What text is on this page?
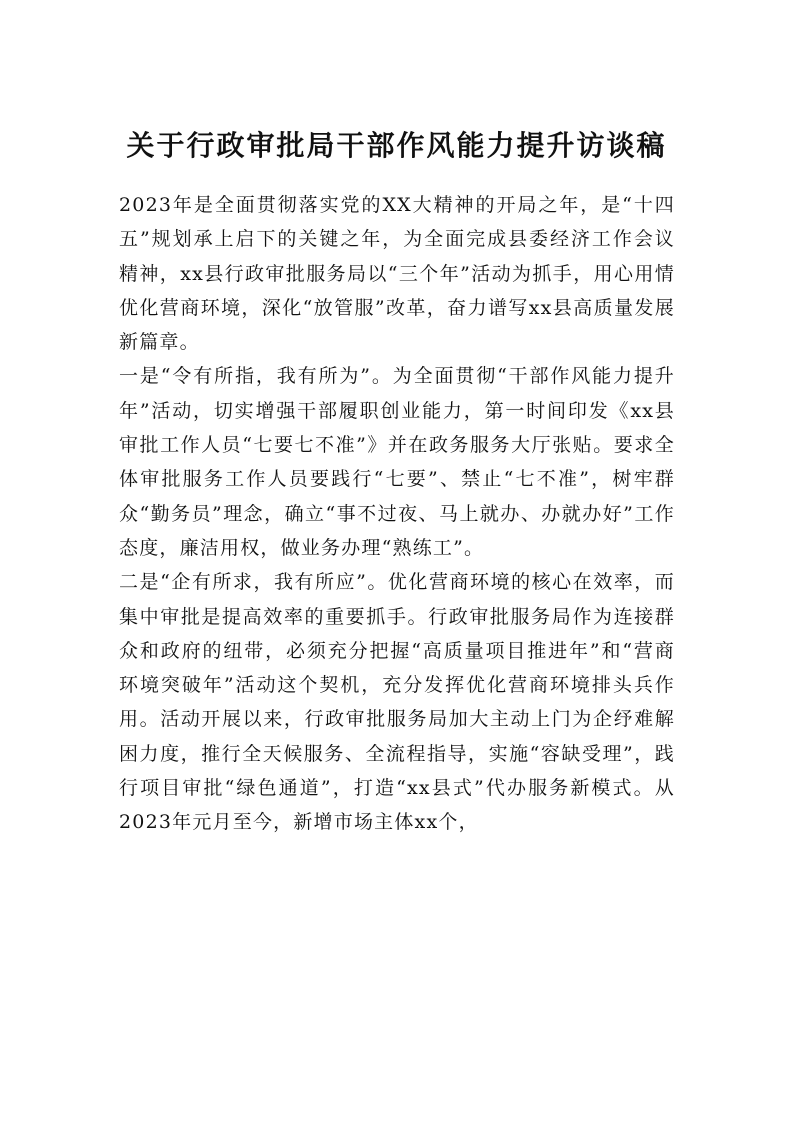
关于行政审批局干部作风能力提升访谈稿

2023年是全面贯彻落实党的XX大精神的开局之年，是“十四五”规划承上启下的关键之年，为全面完成县委经济工作会议精神，xx县行政审批服务局以“三个年”活动为抓手，用心用情优化营商环境，深化“放管服”改革，奋力谱写xx县高质量发展新篇章。

一是“令有所指，我有所为”。为全面贯彻“干部作风能力提升年”活动，切实增强干部履职创业能力，第一时间印发《xx县审批工作人员“七要七不准”》并在政务服务大厅张贴。要求全体审批服务工作人员要践行“七要”、禁止“七不准”，树牢群众“勤务员”理念，确立“事不过夜、马上就办、办就办好”工作态度，廉洁用权，做业务办理“熟练工”。

二是“企有所求，我有所应”。优化营商环境的核心在效率，而集中审批是提高效率的重要抓手。行政审批服务局作为连接群众和政府的纽带，必须充分把握“高质量项目推进年”和“营商环境突破年”活动这个契机，充分发挥优化营商环境排头兵作用。活动开展以来，行政审批服务局加大主动上门为企纾难解困力度，推行全天候服务、全流程指导，实施“容缺受理”，践行项目审批“绿色通道”，打造“xx县式”代办服务新模式。从2023年元月至今，新增市场主体xx个，
